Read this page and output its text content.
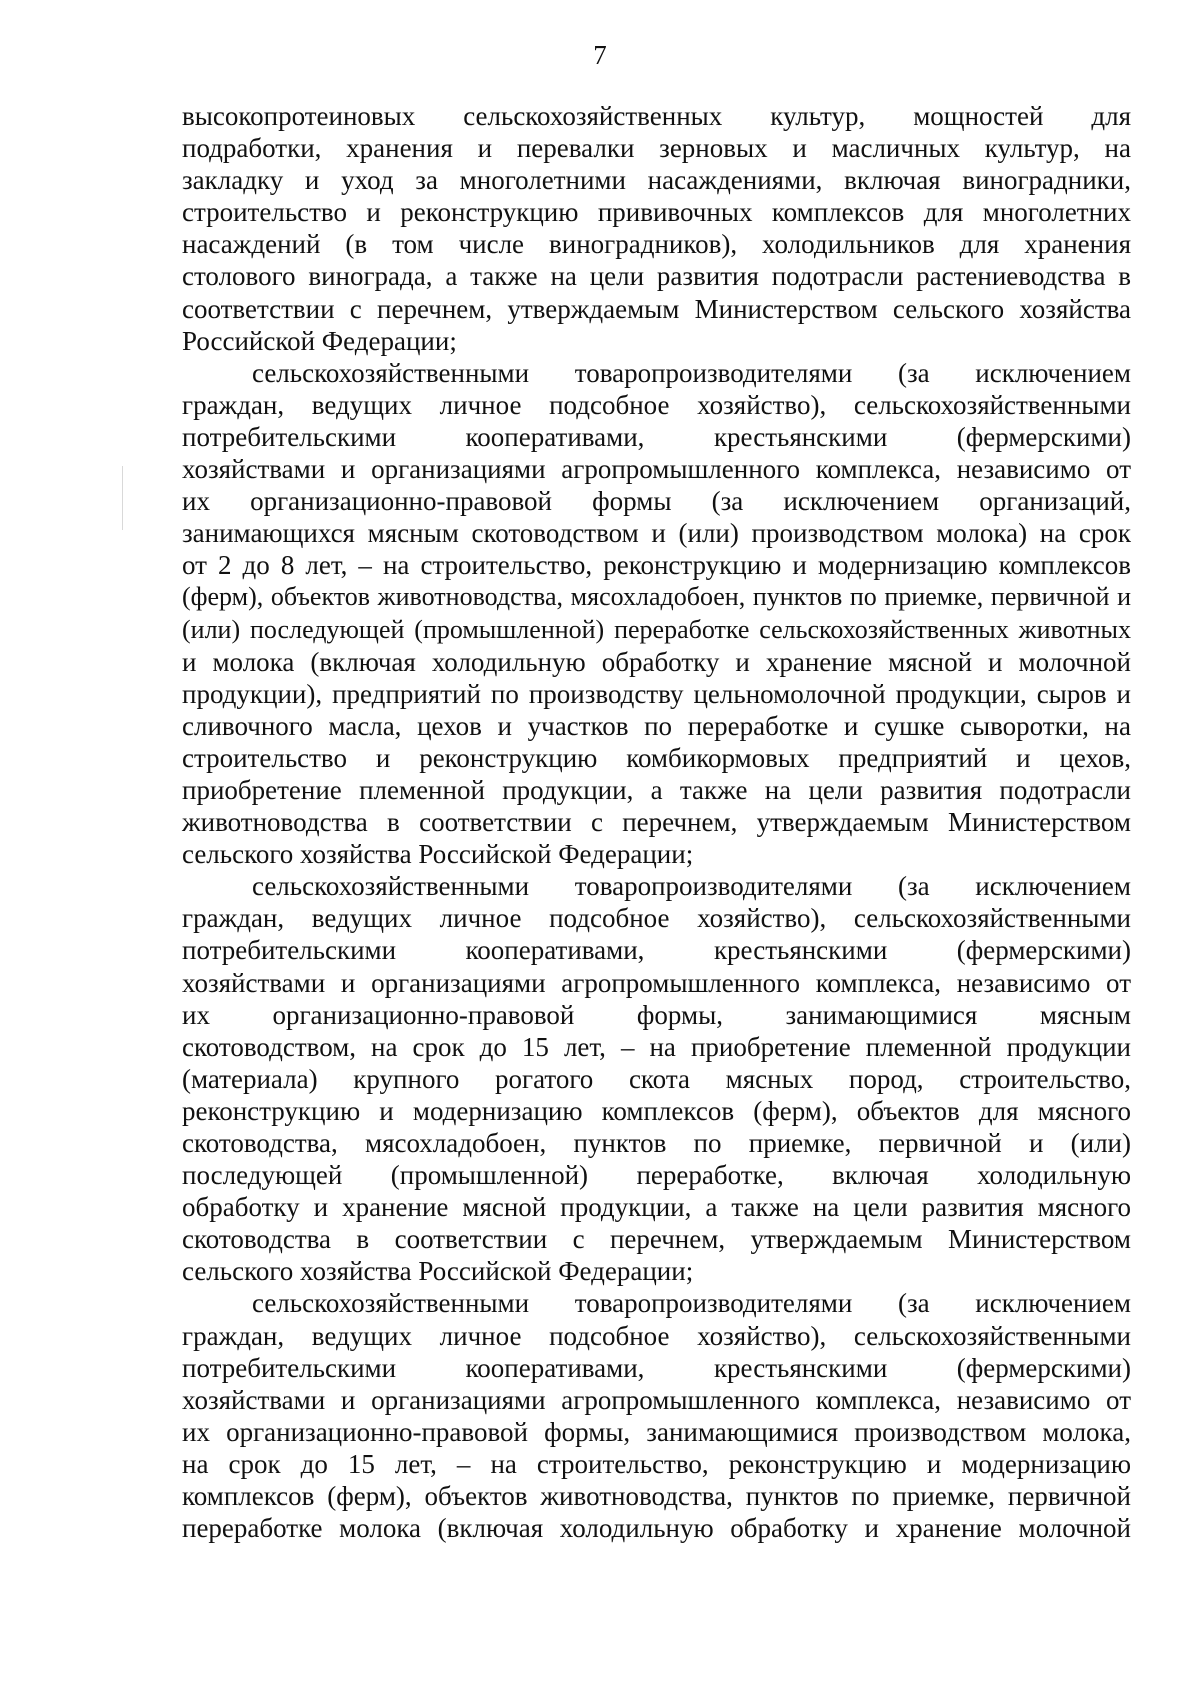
7
высокопротеиновых сельскохозяйственных культур, мощностей для
подработки, хранения и перевалки зерновых и масличных культур, на
закладку и уход за многолетними насаждениями, включая виноградники,
строительство и реконструкцию прививочных комплексов для многолетних
насаждений (в том числе виноградников), холодильников для хранения
столового винограда, а также на цели развития подотрасли растениеводства в
соответствии с перечнем, утверждаемым Министерством сельского хозяйства
Российской Федерации;
сельскохозяйственными товаропроизводителями (за исключением
граждан, ведущих личное подсобное хозяйство), сельскохозяйственными
потребительскими кооперативами, крестьянскими (фермерскими)
хозяйствами и организациями агропромышленного комплекса, независимо от
их организационно-правовой формы (за исключением организаций,
занимающихся мясным скотоводством и (или) производством молока) на срок
от 2 до 8 лет, – на строительство, реконструкцию и модернизацию комплексов
(ферм), объектов животноводства, мясохладобоен, пунктов по приемке, первичной и
(или) последующей (промышленной) переработке сельскохозяйственных животных
и молока (включая холодильную обработку и хранение мясной и молочной
продукции), предприятий по производству цельномолочной продукции, сыров и
сливочного масла, цехов и участков по переработке и сушке сыворотки, на
строительство и реконструкцию комбикормовых предприятий и цехов,
приобретение племенной продукции, а также на цели развития подотрасли
животноводства в соответствии с перечнем, утверждаемым Министерством
сельского хозяйства Российской Федерации;
сельскохозяйственными товаропроизводителями (за исключением
граждан, ведущих личное подсобное хозяйство), сельскохозяйственными
потребительскими кооперативами, крестьянскими (фермерскими)
хозяйствами и организациями агропромышленного комплекса, независимо от
их организационно-правовой формы, занимающимися мясным
скотоводством, на срок до 15 лет, – на приобретение племенной продукции
(материала) крупного рогатого скота мясных пород, строительство,
реконструкцию и модернизацию комплексов (ферм), объектов для мясного
скотоводства, мясохладобоен, пунктов по приемке, первичной и (или)
последующей (промышленной) переработке, включая холодильную
обработку и хранение мясной продукции, а также на цели развития мясного
скотоводства в соответствии с перечнем, утверждаемым Министерством
сельского хозяйства Российской Федерации;
сельскохозяйственными товаропроизводителями (за исключением
граждан, ведущих личное подсобное хозяйство), сельскохозяйственными
потребительскими кооперативами, крестьянскими (фермерскими)
хозяйствами и организациями агропромышленного комплекса, независимо от
их организационно-правовой формы, занимающимися производством молока,
на срок до 15 лет, – на строительство, реконструкцию и модернизацию
комплексов (ферм), объектов животноводства, пунктов по приемке, первичной
переработке молока (включая холодильную обработку и хранение молочной
